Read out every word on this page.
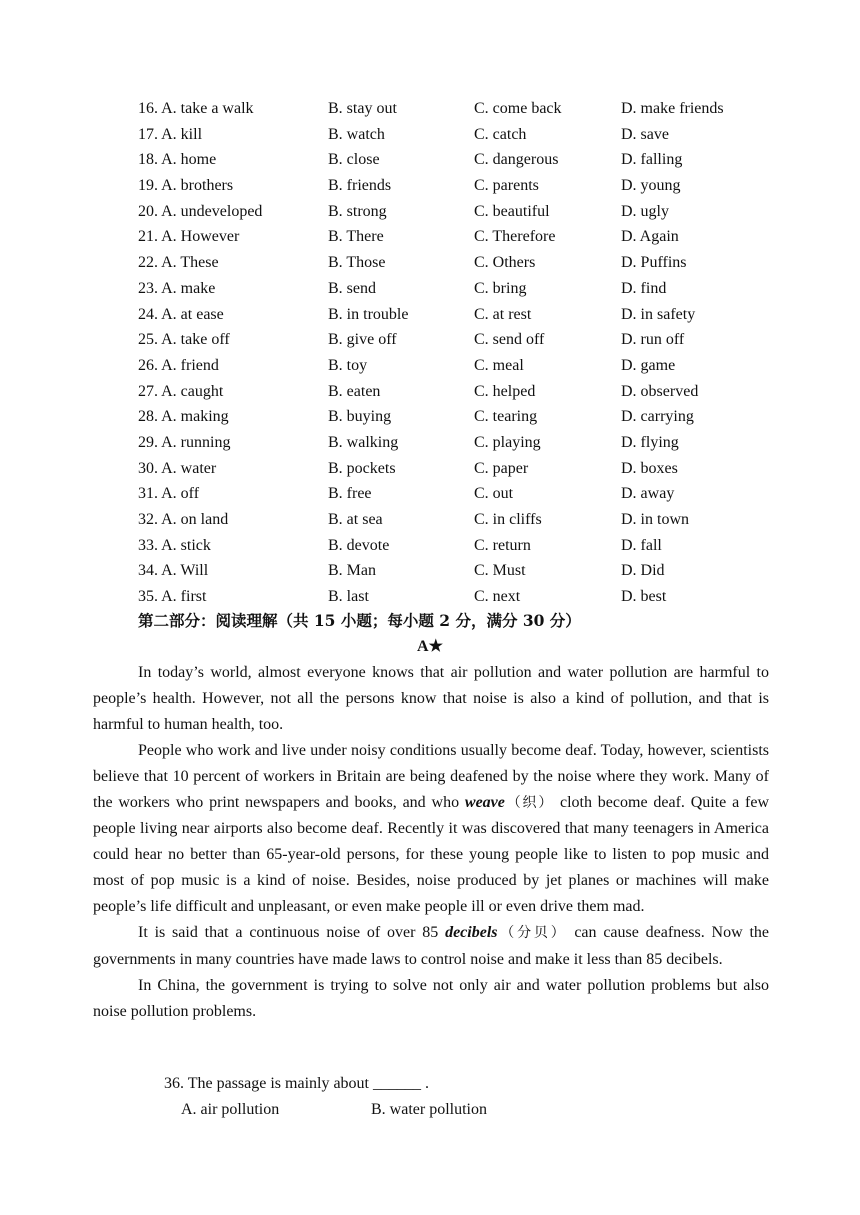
16. A. take a walk	B. stay out	C. come back	D. make friends
17. A. kill	B. watch	C. catch	D. save
18. A. home	B. close	C. dangerous	D. falling
19. A. brothers	B. friends	C. parents	D. young
20. A. undeveloped	B. strong	C. beautiful	D. ugly
21. A. However	B. There	C. Therefore	D. Again
22. A. These	B. Those	C. Others	D. Puffins
23. A. make	B. send	C. bring	D. find
24. A. at ease	B. in trouble	C. at rest	D. in safety
25. A. take off	B. give off	C. send off	D. run off
26. A. friend	B. toy	C. meal	D. game
27. A. caught	B. eaten	C. helped	D. observed
28. A. making	B. buying	C. tearing	D. carrying
29. A. running	B. walking	C. playing	D. flying
30. A. water	B. pockets	C. paper	D. boxes
31. A. off	B. free	C. out	D. away
32. A. on land	B. at sea	C. in cliffs	D. in town
33. A. stick	B. devote	C. return	D. fall
34. A. Will	B. Man	C. Must	D. Did
35. A. first	B. last	C. next	D. best
第二部分：阅读理解（共 15 小题；每小题 2 分，满分 30 分）
A★

In today’s world, almost everyone knows that air pollution and water pollution are harmful to people’s health. However, not all the persons know that noise is also a kind of pollution, and that is harmful to human health, too.

People who work and live under noisy conditions usually become deaf. Today, however, scientists believe that 10 percent of workers in Britain are being deafened by the noise where they work. Many of the workers who print newspapers and books, and who weave（织） cloth become deaf. Quite a few people living near airports also become deaf. Recently it was discovered that many teenagers in America could hear no better than 65-year-old persons, for these young people like to listen to pop music and most of pop music is a kind of noise. Besides, noise produced by jet planes or machines will make people’s life difficult and unpleasant, or even make people ill or even drive them mad.

It is said that a continuous noise of over 85 decibels（分贝） can cause deafness. Now the governments in many countries have made laws to control noise and make it less than 85 decibels.

In China, the government is trying to solve not only air and water pollution problems but also noise pollution problems.

36. The passage is mainly about ______ .
A. air pollution	B. water pollution
